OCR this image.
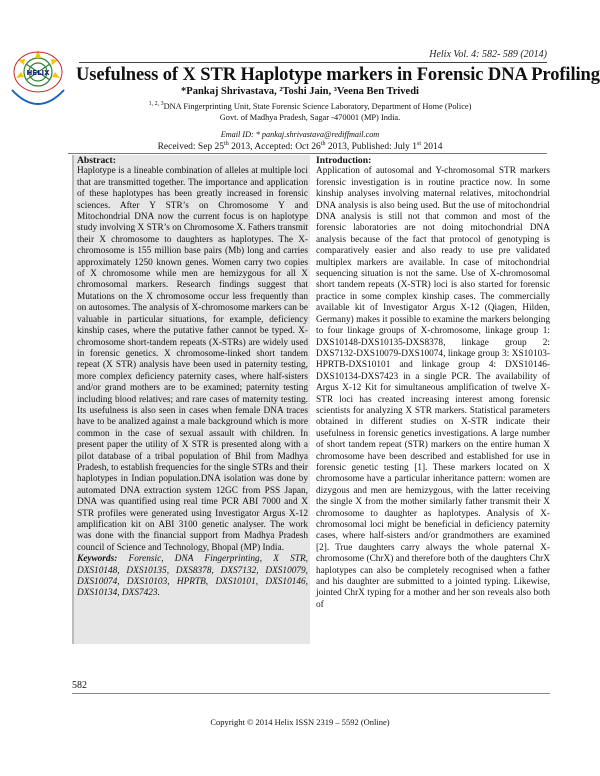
HELIX
Helix Vol. 4: 582- 589 (2014)
Usefulness of X STR Haplotype markers in Forensic DNA Profiling
*Pankaj Shrivastava, ²Toshi Jain, ³Veena Ben Trivedi
$^{1, 2, 3}$DNA Fingerprinting Unit, State Forensic Science Laboratory, Department of Home (Police)
Govt. of Madhya Pradesh, Sagar -470001 (MP) India.
Email ID: * pankaj.shrivastava@rediffmail.com
Received: Sep 25th 2013, Accepted: Oct 26th 2013, Published: July 1st 2014
Abstract:
Haplotype is a lineable combination of alleles at multiple loci that are transmitted together. The importance and application of these haplotypes has been greatly increased in forensic sciences. After Y STR’s on Chromosome Y and Mitochondrial DNA now the current focus is on haplotype study involving X STR’s on Chromosome X. Fathers transmit their X chromosome to daughters as haplotypes. The X-chromosome is 155 million base pairs (Mb) long and carries approximately 1250 known genes. Women carry two copies of X chromosome while men are hemizygous for all X chromosomal markers. Research findings suggest that Mutations on the X chromosome occur less frequently than on autosomes. The analysis of X-chromosome markers can be valuable in particular situations, for example, deficiency kinship cases, where the putative father cannot be typed. X-chromosome short-tandem repeats (X-STRs) are widely used in forensic genetics. X chromosome-linked short tandem repeat (X STR) analysis have been used in paternity testing, more complex deficiency paternity cases, where half-sisters and/or grand mothers are to be examined; paternity testing including blood relatives; and rare cases of maternity testing. Its usefulness is also seen in cases when female DNA traces have to be analized against a male background which is more common in the case of sexual assault with children. In present paper the utility of X STR is presented along with a pilot database of a tribal population of Bhil from Madhya Pradesh, to establish frequencies for the single STRs and their haplotypes in Indian population.DNA isolation was done by automated DNA extraction system 12GC from PSS Japan, DNA was quantified using real time PCR ABI 7000 and X STR profiles were generated using Investigator Argus X-12 amplification kit on ABI 3100 genetic analyser. The work was done with the financial support from Madhya Pradesh council of Science and Technology, Bhopal (MP) India.
Keywords: Forensic, DNA Fingerprinting, X STR, DXS10148, DXS10135, DXS8378, DXS7132, DXS10079, DXS10074, DXS10103, HPRTB, DXS10101, DXS10146, DXS10134, DXS7423.
Introduction:
Application of autosomal and Y-chromosomal STR markers forensic investigation is in routine practice now. In some kinship analyses involving maternal relatives, mitochondrial DNA analysis is also being used. But the use of mitochondrial DNA analysis is still not that common and most of the forensic laboratories are not doing mitochondrial DNA analysis because of the fact that protocol of genotyping is comparatively easier and also ready to use pre validated multiplex markers are available. In case of mitochondrial sequencing situation is not the same. Use of X-chromosomal short tandem repeats (X-STR) loci is also started for forensic practice in some complex kinship cases. The commercially available kit of Investigator Argus X-12 (Qiagen, Hilden, Germany) makes it possible to examine the markers belonging to four linkage groups of X-chromosome, linkage group 1: DXS10148-DXS10135-DXS8378, linkage group 2: DXS7132-DXS10079-DXS10074, linkage group 3: XS10103-HPRTB-DXS10101 and linkage group 4: DXS10146-DXS10134-DXS7423 in a single PCR. The availability of Argus X-12 Kit for simultaneous amplification of twelve X-STR loci has created increasing interest among forensic scientists for analyzing X STR markers. Statistical parameters obtained in different studies on X-STR indicate their usefulness in forensic genetics investigations. A large number of short tandem repeat (STR) markers on the entire human X chromosome have been described and established for use in forensic genetic testing [1]. These markers located on X chromosome have a particular inheritance pattern: women are dizygous and men are hemizygous, with the latter receiving the single X from the mother similarly father transmit their X chromosome to daughter as haplotypes. Analysis of X-chromosomal loci might be beneficial in deficiency paternity cases, where half-sisters and/or grandmothers are examined [2]. True daughters carry always the whole paternal X-chromosome (ChrX) and therefore both of the daughters ChrX haplotypes can also be completely recognised when a father and his daughter are submitted to a jointed typing. Likewise, jointed ChrX typing for a mother and her son reveals also both of
582
Copyright © 2014 Helix ISSN 2319 – 5592 (Online)
